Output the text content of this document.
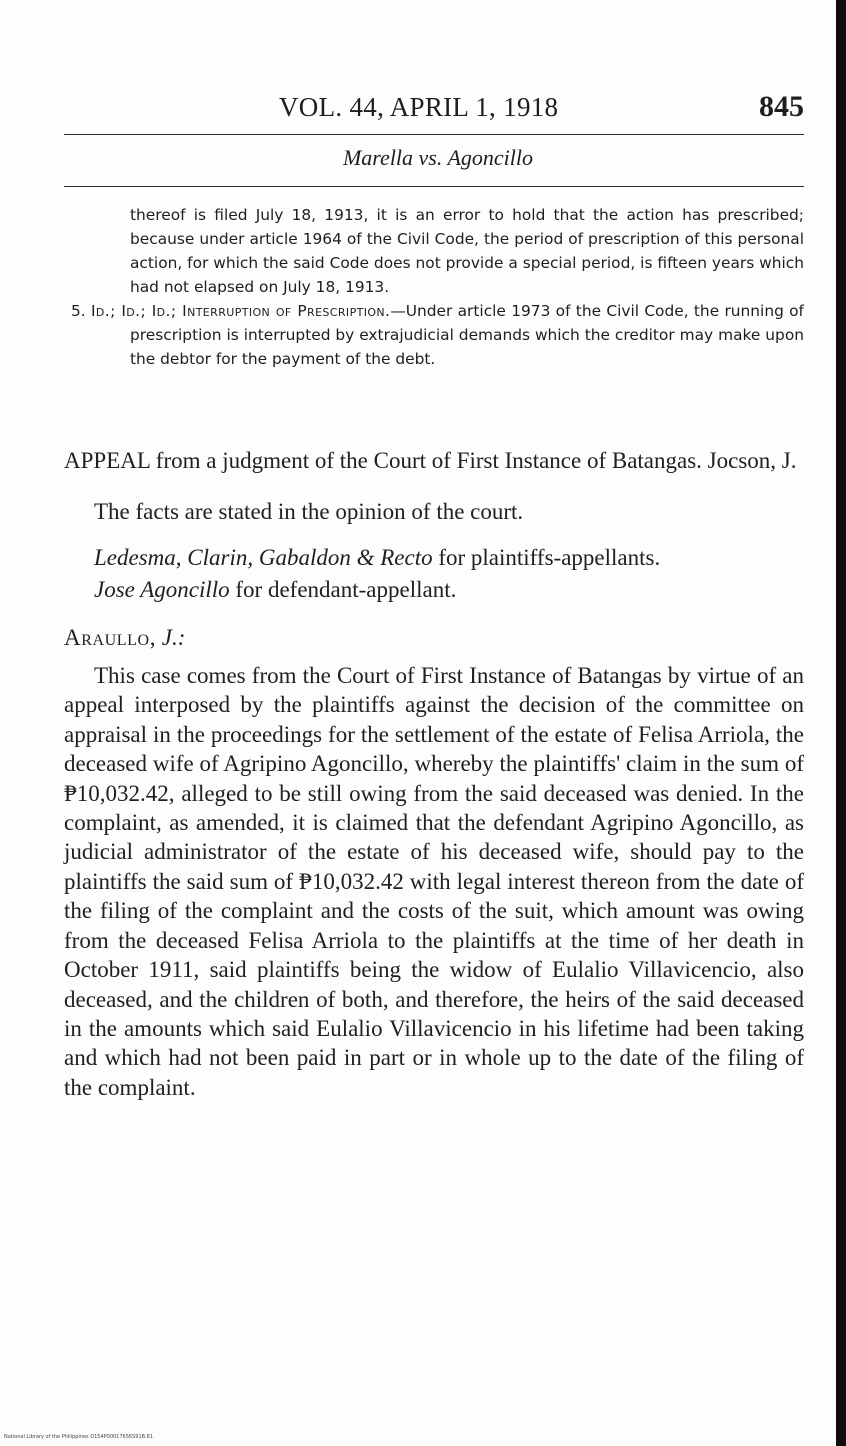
VOL. 44, APRIL 1, 1918	845
Marella vs. Agoncillo

thereof is filed July 18, 1913, it is an error to hold that the action has prescribed; because under article 1964 of the Civil Code, the period of prescription of this personal action, for which the said Code does not provide a special period, is fifteen years which had not elapsed on July 18, 1913.

5. Id.; Id.; Id.; Interruption of Prescription.—Under article 1973 of the Civil Code, the running of prescription is interrupted by extrajudicial demands which the creditor may make upon the debtor for the payment of the debt.

APPEAL from a judgment of the Court of First Instance of Batangas. Jocson, J.

The facts are stated in the opinion of the court.

Ledesma, Clarin, Gabaldon & Recto for plaintiffs-appellants.

Jose Agoncillo for defendant-appellant.

Araullo, J.:

This case comes from the Court of First Instance of Batangas by virtue of an appeal interposed by the plaintiffs against the decision of the committee on appraisal in the proceedings for the settlement of the estate of Felisa Arriola, the deceased wife of Agripino Agoncillo, whereby the plaintiffs' claim in the sum of ₱10,032.42, alleged to be still owing from the said deceased was denied. In the complaint, as amended, it is claimed that the defendant Agripino Agoncillo, as judicial administrator of the estate of his deceased wife, should pay to the plaintiffs the said sum of ₱10,032.42 with legal interest thereon from the date of the filing of the complaint and the costs of the suit, which amount was owing from the deceased Felisa Arriola to the plaintiffs at the time of her death in October 1911, said plaintiffs being the widow of Eulalio Villavicencio, also deceased, and the children of both, and therefore, the heirs of the said deceased in the amounts which said Eulalio Villavicencio in his lifetime had been taking and which had not been paid in part or in whole up to the date of the filing of the complaint.

National Library of the Philippines D154P00017656S91B.81
